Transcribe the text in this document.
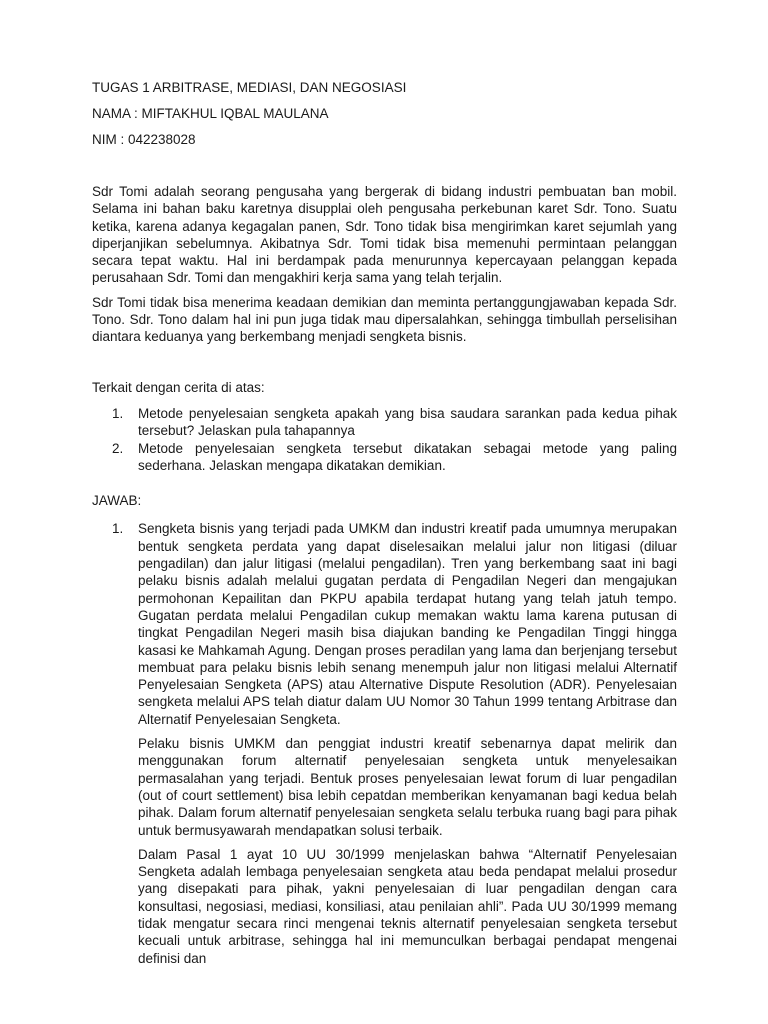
TUGAS 1 ARBITRASE, MEDIASI, DAN NEGOSIASI

NAMA : MIFTAKHUL IQBAL MAULANA

NIM : 042238028

Sdr Tomi adalah seorang pengusaha yang bergerak di bidang industri pembuatan ban mobil. Selama ini bahan baku karetnya disupplai oleh pengusaha perkebunan karet Sdr. Tono. Suatu ketika, karena adanya kegagalan panen, Sdr. Tono tidak bisa mengirimkan karet sejumlah yang diperjanjikan sebelumnya. Akibatnya Sdr. Tomi tidak bisa memenuhi permintaan pelanggan secara tepat waktu. Hal ini berdampak pada menurunnya kepercayaan pelanggan kepada perusahaan Sdr. Tomi dan mengakhiri kerja sama yang telah terjalin.

Sdr Tomi tidak bisa menerima keadaan demikian dan meminta pertanggungjawaban kepada Sdr. Tono. Sdr. Tono dalam hal ini pun juga tidak mau dipersalahkan, sehingga timbullah perselisihan diantara keduanya yang berkembang menjadi sengketa bisnis.

Terkait dengan cerita di atas:

1. Metode penyelesaian sengketa apakah yang bisa saudara sarankan pada kedua pihak tersebut? Jelaskan pula tahapannya
2. Metode penyelesaian sengketa tersebut dikatakan sebagai metode yang paling sederhana. Jelaskan mengapa dikatakan demikian.

JAWAB:

1. Sengketa bisnis yang terjadi pada UMKM dan industri kreatif pada umumnya merupakan bentuk sengketa perdata yang dapat diselesaikan melalui jalur non litigasi (diluar pengadilan) dan jalur litigasi (melalui pengadilan). Tren yang berkembang saat ini bagi pelaku bisnis adalah melalui gugatan perdata di Pengadilan Negeri dan mengajukan permohonan Kepailitan dan PKPU apabila terdapat hutang yang telah jatuh tempo. Gugatan perdata melalui Pengadilan cukup memakan waktu lama karena putusan di tingkat Pengadilan Negeri masih bisa diajukan banding ke Pengadilan Tinggi hingga kasasi ke Mahkamah Agung. Dengan proses peradilan yang lama dan berjenjang tersebut membuat para pelaku bisnis lebih senang menempuh jalur non litigasi melalui Alternatif Penyelesaian Sengketa (APS) atau Alternative Dispute Resolution (ADR). Penyelesaian sengketa melalui APS telah diatur dalam UU Nomor 30 Tahun 1999 tentang Arbitrase dan Alternatif Penyelesaian Sengketa.

Pelaku bisnis UMKM dan penggiat industri kreatif sebenarnya dapat melirik dan menggunakan forum alternatif penyelesaian sengketa untuk menyelesaikan permasalahan yang terjadi. Bentuk proses penyelesaian lewat forum di luar pengadilan (out of court settlement) bisa lebih cepatdan memberikan kenyamanan bagi kedua belah pihak. Dalam forum alternatif penyelesaian sengketa selalu terbuka ruang bagi para pihak untuk bermusyawarah mendapatkan solusi terbaik.

Dalam Pasal 1 ayat 10 UU 30/1999 menjelaskan bahwa “Alternatif Penyelesaian Sengketa adalah lembaga penyelesaian sengketa atau beda pendapat melalui prosedur yang disepakati para pihak, yakni penyelesaian di luar pengadilan dengan cara konsultasi, negosiasi, mediasi, konsiliasi, atau penilaian ahli”. Pada UU 30/1999 memang tidak mengatur secara rinci mengenai teknis alternatif penyelesaian sengketa tersebut kecuali untuk arbitrase, sehingga hal ini memunculkan berbagai pendapat mengenai definisi dan
